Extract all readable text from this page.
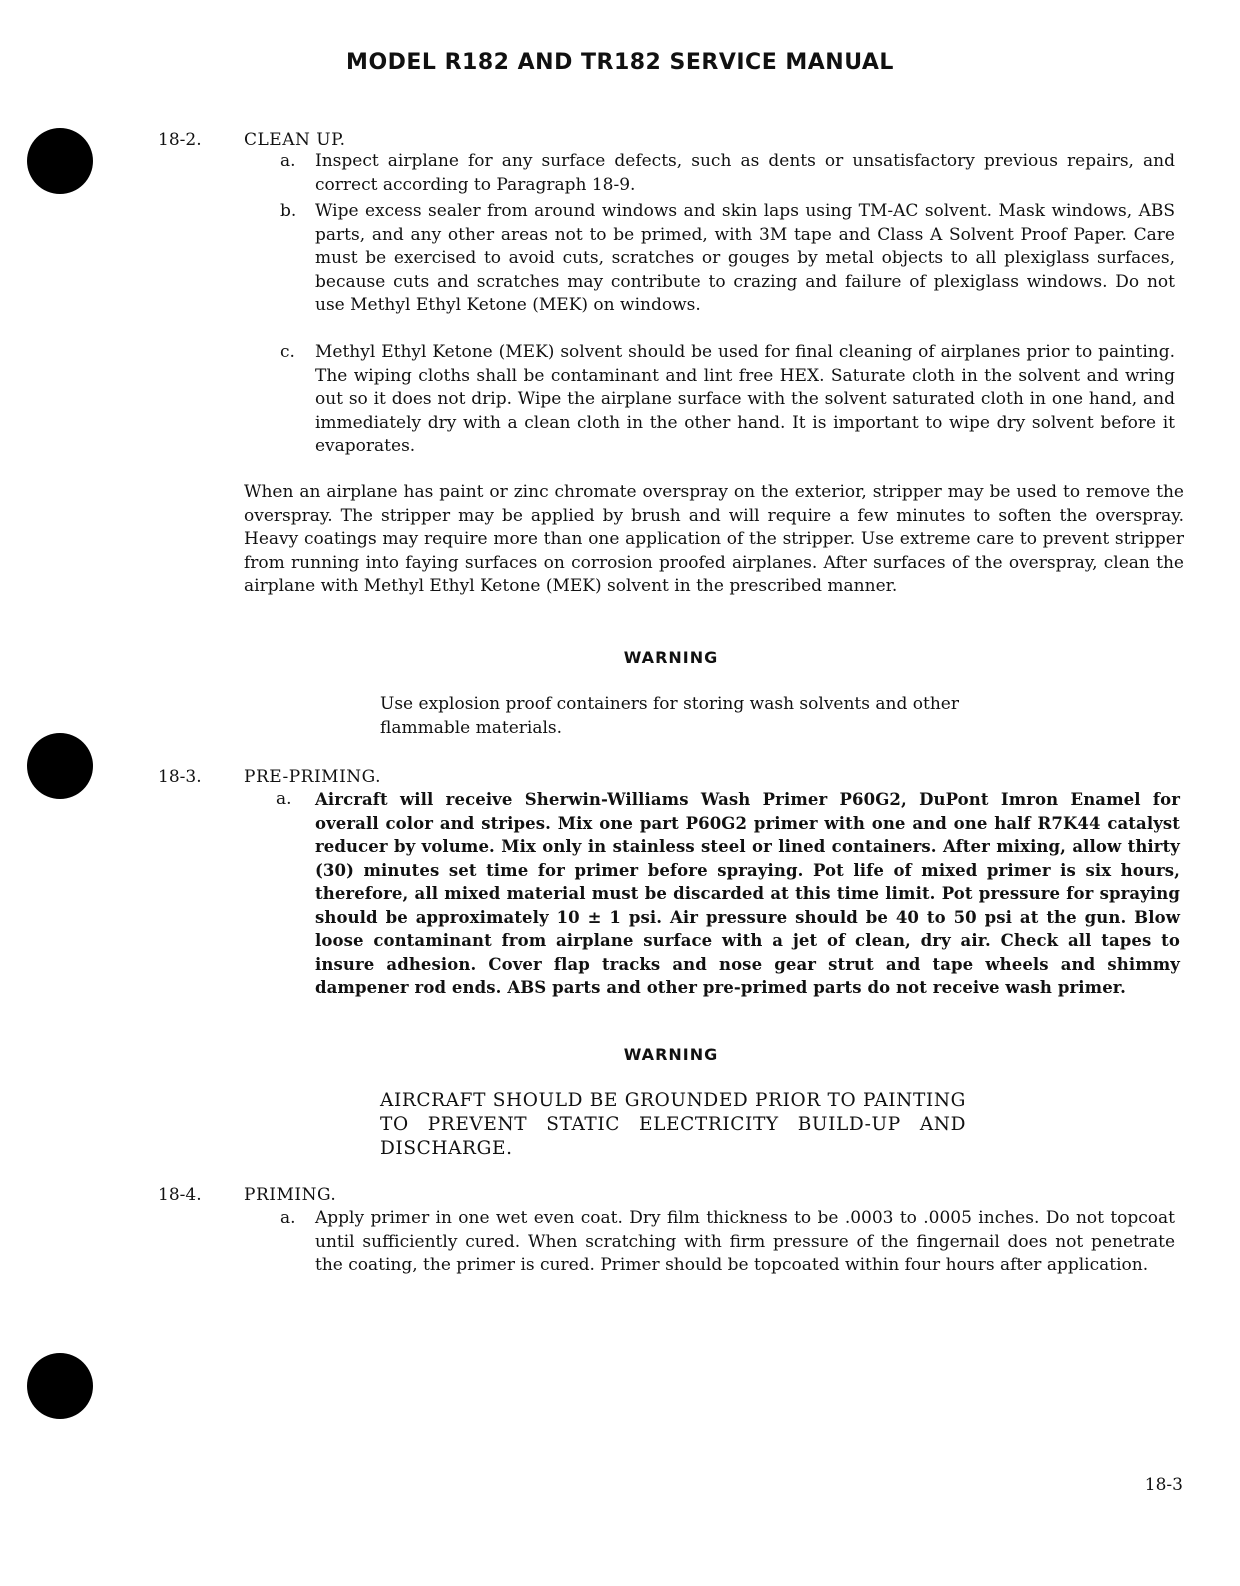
MODEL R182 AND TR182 SERVICE MANUAL
18-2. CLEAN UP.
a. Inspect airplane for any surface defects, such as dents or unsatisfactory previous repairs, and correct according to Paragraph 18-9.
b. Wipe excess sealer from around windows and skin laps using TM-AC solvent. Mask windows, ABS parts, and any other areas not to be primed, with 3M tape and Class A Solvent Proof Paper. Care must be exercised to avoid cuts, scratches or gouges by metal objects to all plexiglass surfaces, because cuts and scratches may contribute to crazing and failure of plexiglass windows. Do not use Methyl Ethyl Ketone (MEK) on windows.
c. Methyl Ethyl Ketone (MEK) solvent should be used for final cleaning of airplanes prior to painting. The wiping cloths shall be contaminant and lint free HEX. Saturate cloth in the solvent and wring out so it does not drip. Wipe the airplane surface with the solvent saturated cloth in one hand, and immediately dry with a clean cloth in the other hand. It is important to wipe dry solvent before it evaporates.
When an airplane has paint or zinc chromate overspray on the exterior, stripper may be used to remove the overspray. The stripper may be applied by brush and will require a few minutes to soften the overspray. Heavy coatings may require more than one application of the stripper. Use extreme care to prevent stripper from running into faying surfaces on corrosion proofed airplanes. After surfaces of the overspray, clean the airplane with Methyl Ethyl Ketone (MEK) solvent in the prescribed manner.
WARNING
Use explosion proof containers for storing wash solvents and other flammable materials.
18-3. PRE-PRIMING.
a. Aircraft will receive Sherwin-Williams Wash Primer P60G2, DuPont Imron Enamel for overall color and stripes. Mix one part P60G2 primer with one and one half R7K44 catalyst reducer by volume. Mix only in stainless steel or lined containers. After mixing, allow thirty (30) minutes set time for primer before spraying. Pot life of mixed primer is six hours, therefore, all mixed material must be discarded at this time limit. Pot pressure for spraying should be approximately 10 ± 1 psi. Air pressure should be 40 to 50 psi at the gun. Blow loose contaminant from airplane surface with a jet of clean, dry air. Check all tapes to insure adhesion. Cover flap tracks and nose gear strut and tape wheels and shimmy dampener rod ends. ABS parts and other pre-primed parts do not receive wash primer.
WARNING
AIRCRAFT SHOULD BE GROUNDED PRIOR TO PAINTING TO PREVENT STATIC ELECTRICITY BUILD-UP AND DISCHARGE.
18-4. PRIMING.
a. Apply primer in one wet even coat. Dry film thickness to be .0003 to .0005 inches. Do not topcoat until sufficiently cured. When scratching with firm pressure of the fingernail does not penetrate the coating, the primer is cured. Primer should be topcoated within four hours after application.
18-3
